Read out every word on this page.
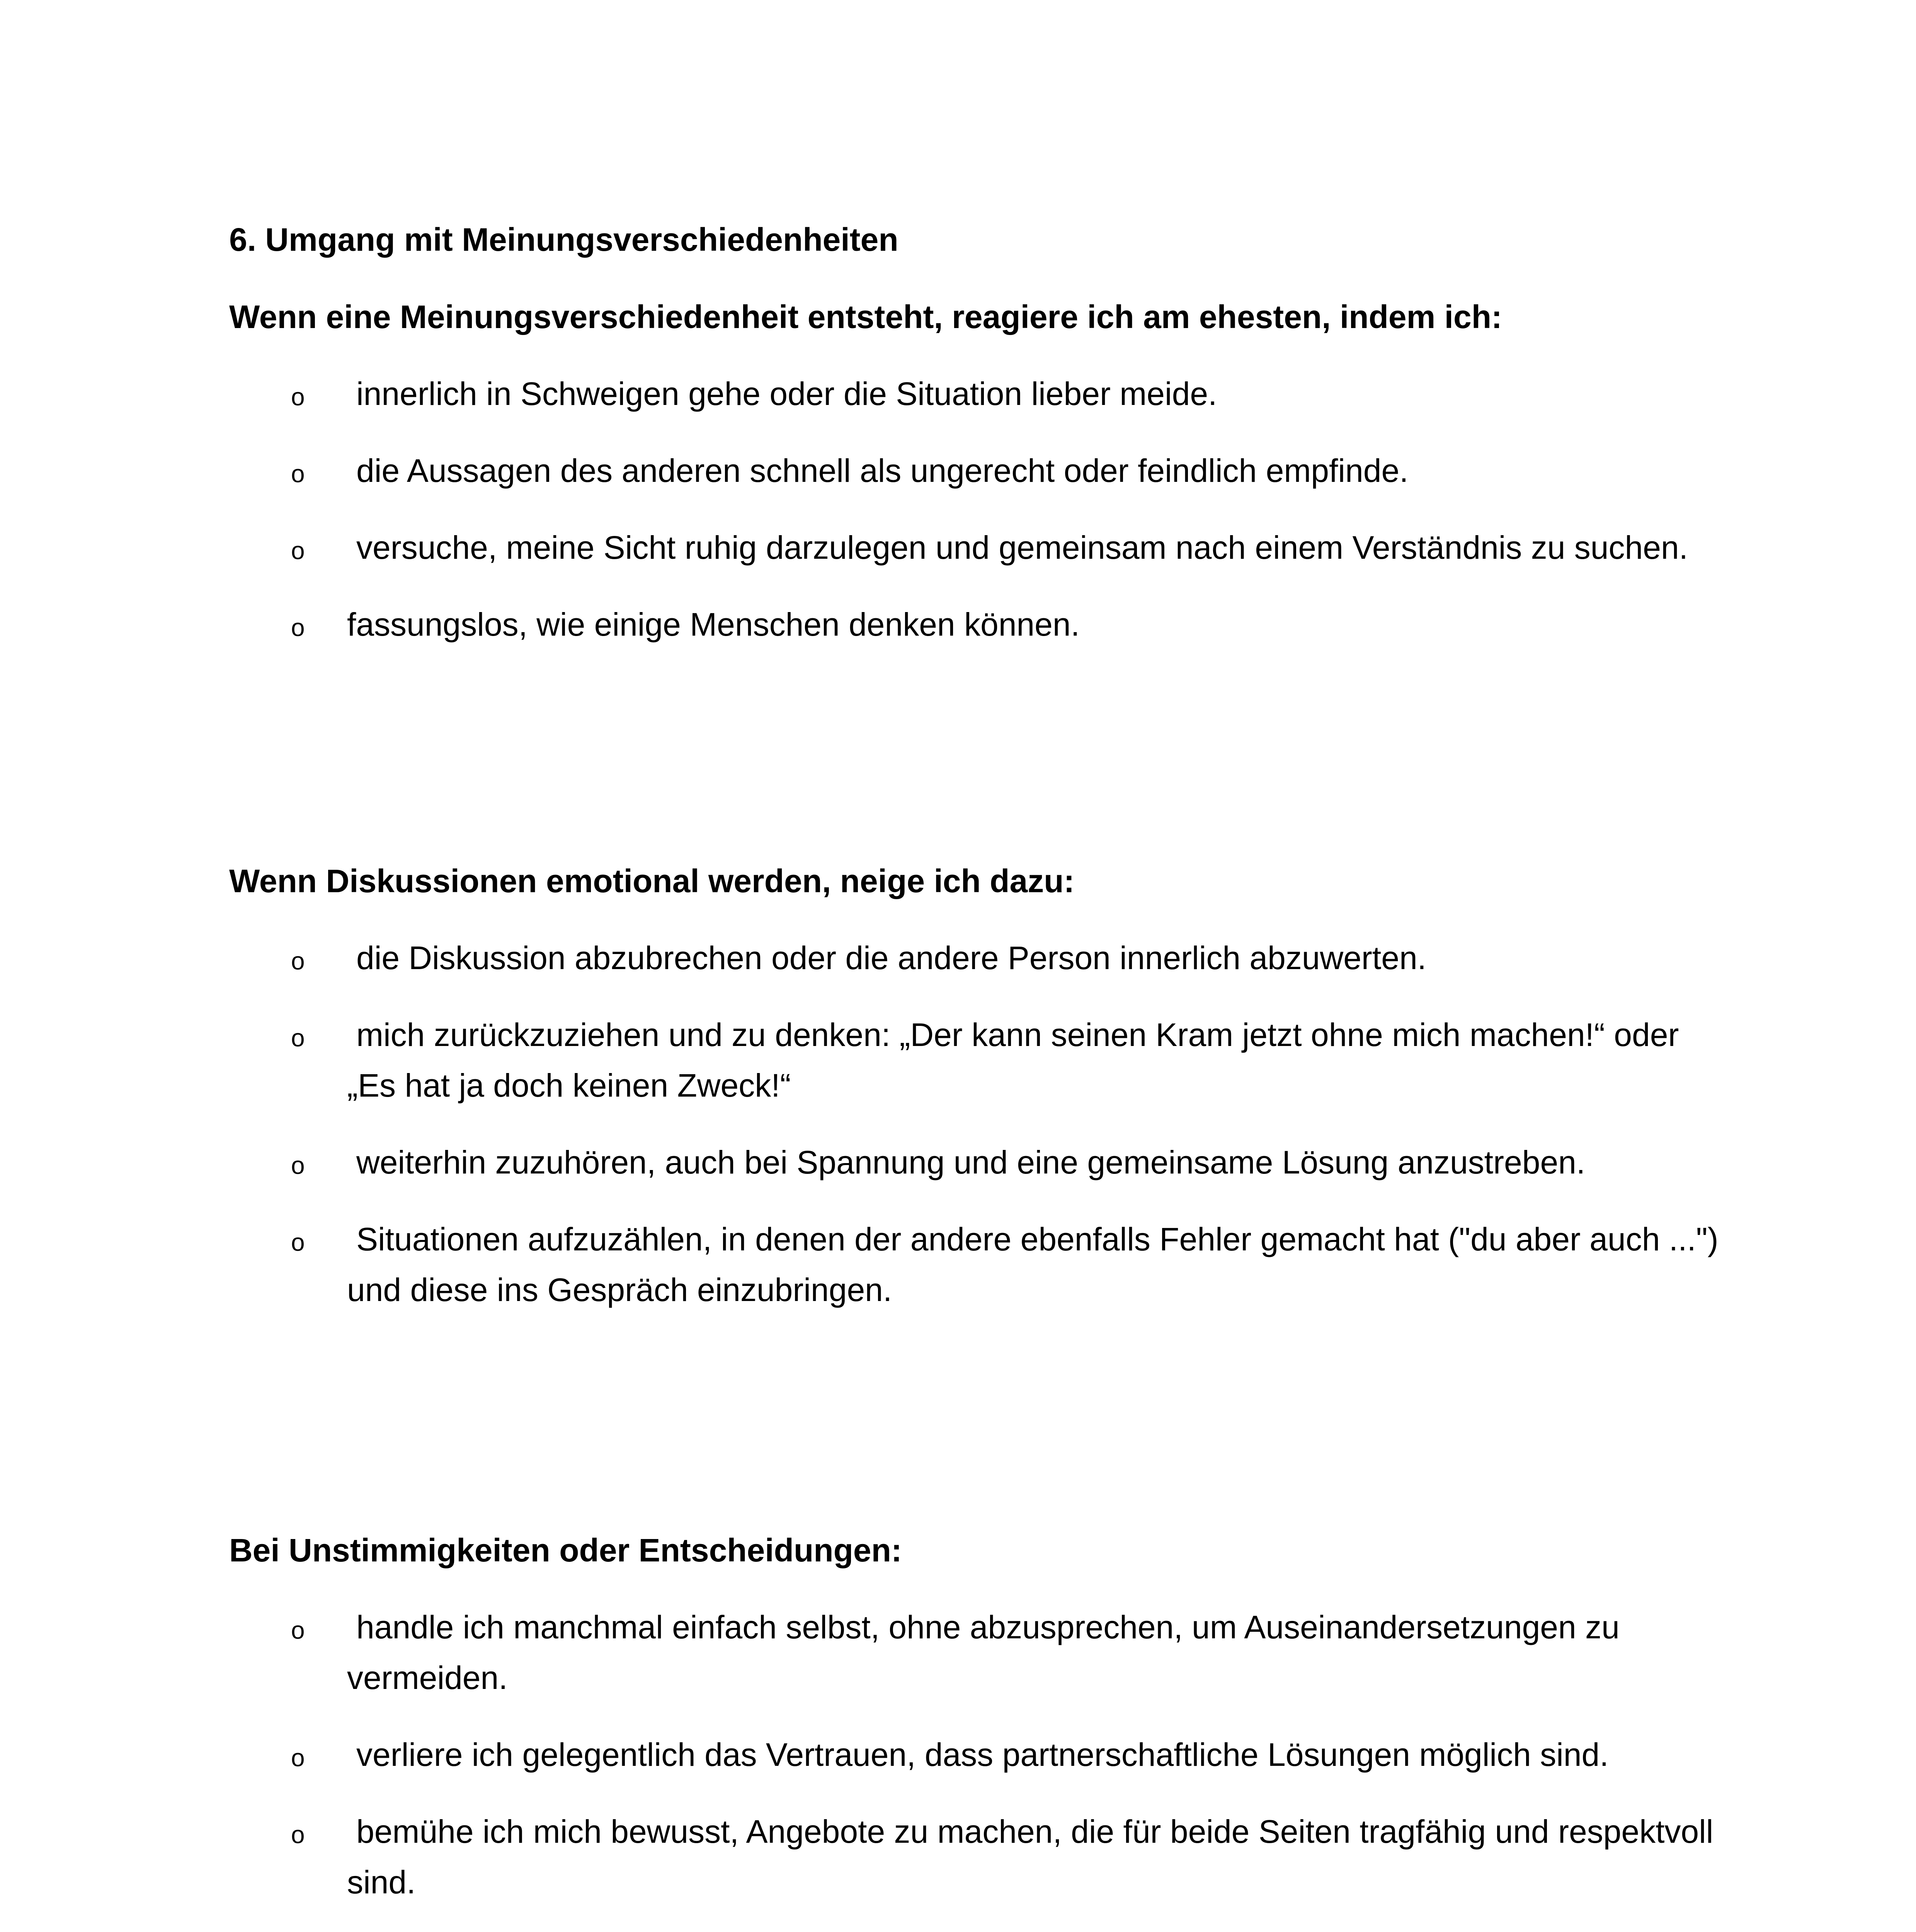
6. Umgang mit Meinungsverschiedenheiten
Wenn eine Meinungsverschiedenheit entsteht, reagiere ich am ehesten, indem ich:
o innerlich in Schweigen gehe oder die Situation lieber meide.
o die Aussagen des anderen schnell als ungerecht oder feindlich empfinde.
o versuche, meine Sicht ruhig darzulegen und gemeinsam nach einem Verständnis zu suchen.
o fassungslos, wie einige Menschen denken können.
Wenn Diskussionen emotional werden, neige ich dazu:
o die Diskussion abzubrechen oder die andere Person innerlich abzuwerten.
o mich zurückzuziehen und zu denken: „Der kann seinen Kram jetzt ohne mich machen!“ oder „Es hat ja doch keinen Zweck!“
o weiterhin zuzuhören, auch bei Spannung und eine gemeinsame Lösung anzustreben.
o Situationen aufzuzählen, in denen der andere ebenfalls Fehler gemacht hat ("du aber auch ...") und diese ins Gespräch einzubringen.
Bei Unstimmigkeiten oder Entscheidungen:
o handle ich manchmal einfach selbst, ohne abzusprechen, um Auseinandersetzungen zu vermeiden.
o verliere ich gelegentlich das Vertrauen, dass partnerschaftliche Lösungen möglich sind.
o bemühe ich mich bewusst, Angebote zu machen, die für beide Seiten tragfähig und respektvoll sind.
